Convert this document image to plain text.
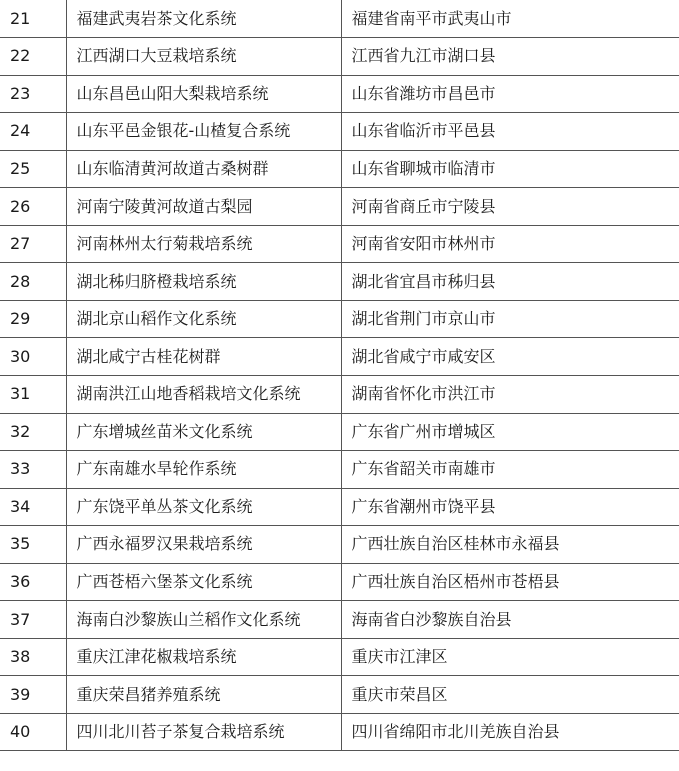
21	福建武夷岩茶文化系统	福建省南平市武夷山市
22	江西湖口大豆栽培系统	江西省九江市湖口县
23	山东昌邑山阳大梨栽培系统	山东省潍坊市昌邑市
24	山东平邑金银花-山楂复合系统	山东省临沂市平邑县
25	山东临清黄河故道古桑树群	山东省聊城市临清市
26	河南宁陵黄河故道古梨园	河南省商丘市宁陵县
27	河南林州太行菊栽培系统	河南省安阳市林州市
28	湖北秭归脐橙栽培系统	湖北省宜昌市秭归县
29	湖北京山稻作文化系统	湖北省荆门市京山市
30	湖北咸宁古桂花树群	湖北省咸宁市咸安区
31	湖南洪江山地香稻栽培文化系统	湖南省怀化市洪江市
32	广东增城丝苗米文化系统	广东省广州市增城区
33	广东南雄水旱轮作系统	广东省韶关市南雄市
34	广东饶平单丛茶文化系统	广东省潮州市饶平县
35	广西永福罗汉果栽培系统	广西壮族自治区桂林市永福县
36	广西苍梧六堡茶文化系统	广西壮族自治区梧州市苍梧县
37	海南白沙黎族山兰稻作文化系统	海南省白沙黎族自治县
38	重庆江津花椒栽培系统	重庆市江津区
39	重庆荣昌猪养殖系统	重庆市荣昌区
40	四川北川苔子茶复合栽培系统	四川省绵阳市北川羌族自治县
